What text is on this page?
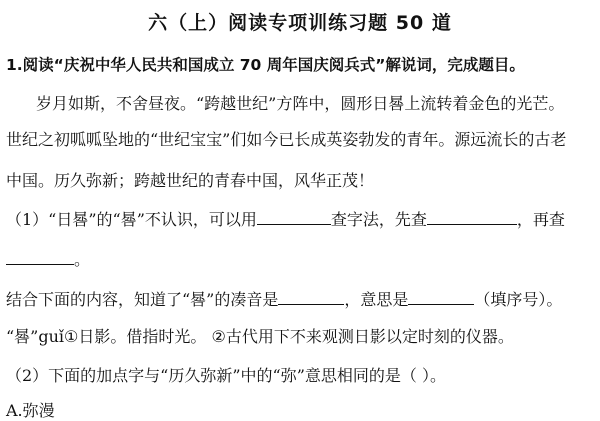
六（上）阅读专项训练习题 50 道
1.阅读“庆祝中华人民共和国成立 70 周年国庆阅兵式”解说词，完成题目。
岁月如斯，不舍昼夜。“跨越世纪”方阵中，圆形日晷上流转着金色的光芒。
世纪之初呱呱坠地的“世纪宝宝”们如今已长成英姿勃发的青年。源远流长的古老
中国。历久弥新；跨越世纪的青春中国，风华正茂！
（1）“日晷”的“晷”不认识，可以用	查字法，先查	，再查
。
结合下面的内容，知道了“晷”的凑音是	，意思是	（填序号）。
“晷”guǐ①日影。借指时光。 ②古代用下不来观测日影以定时刻的仪器。
（2）下面的加点字与“历久弥新”中的“弥”意思相同的是（ ）。
A.弥漫
